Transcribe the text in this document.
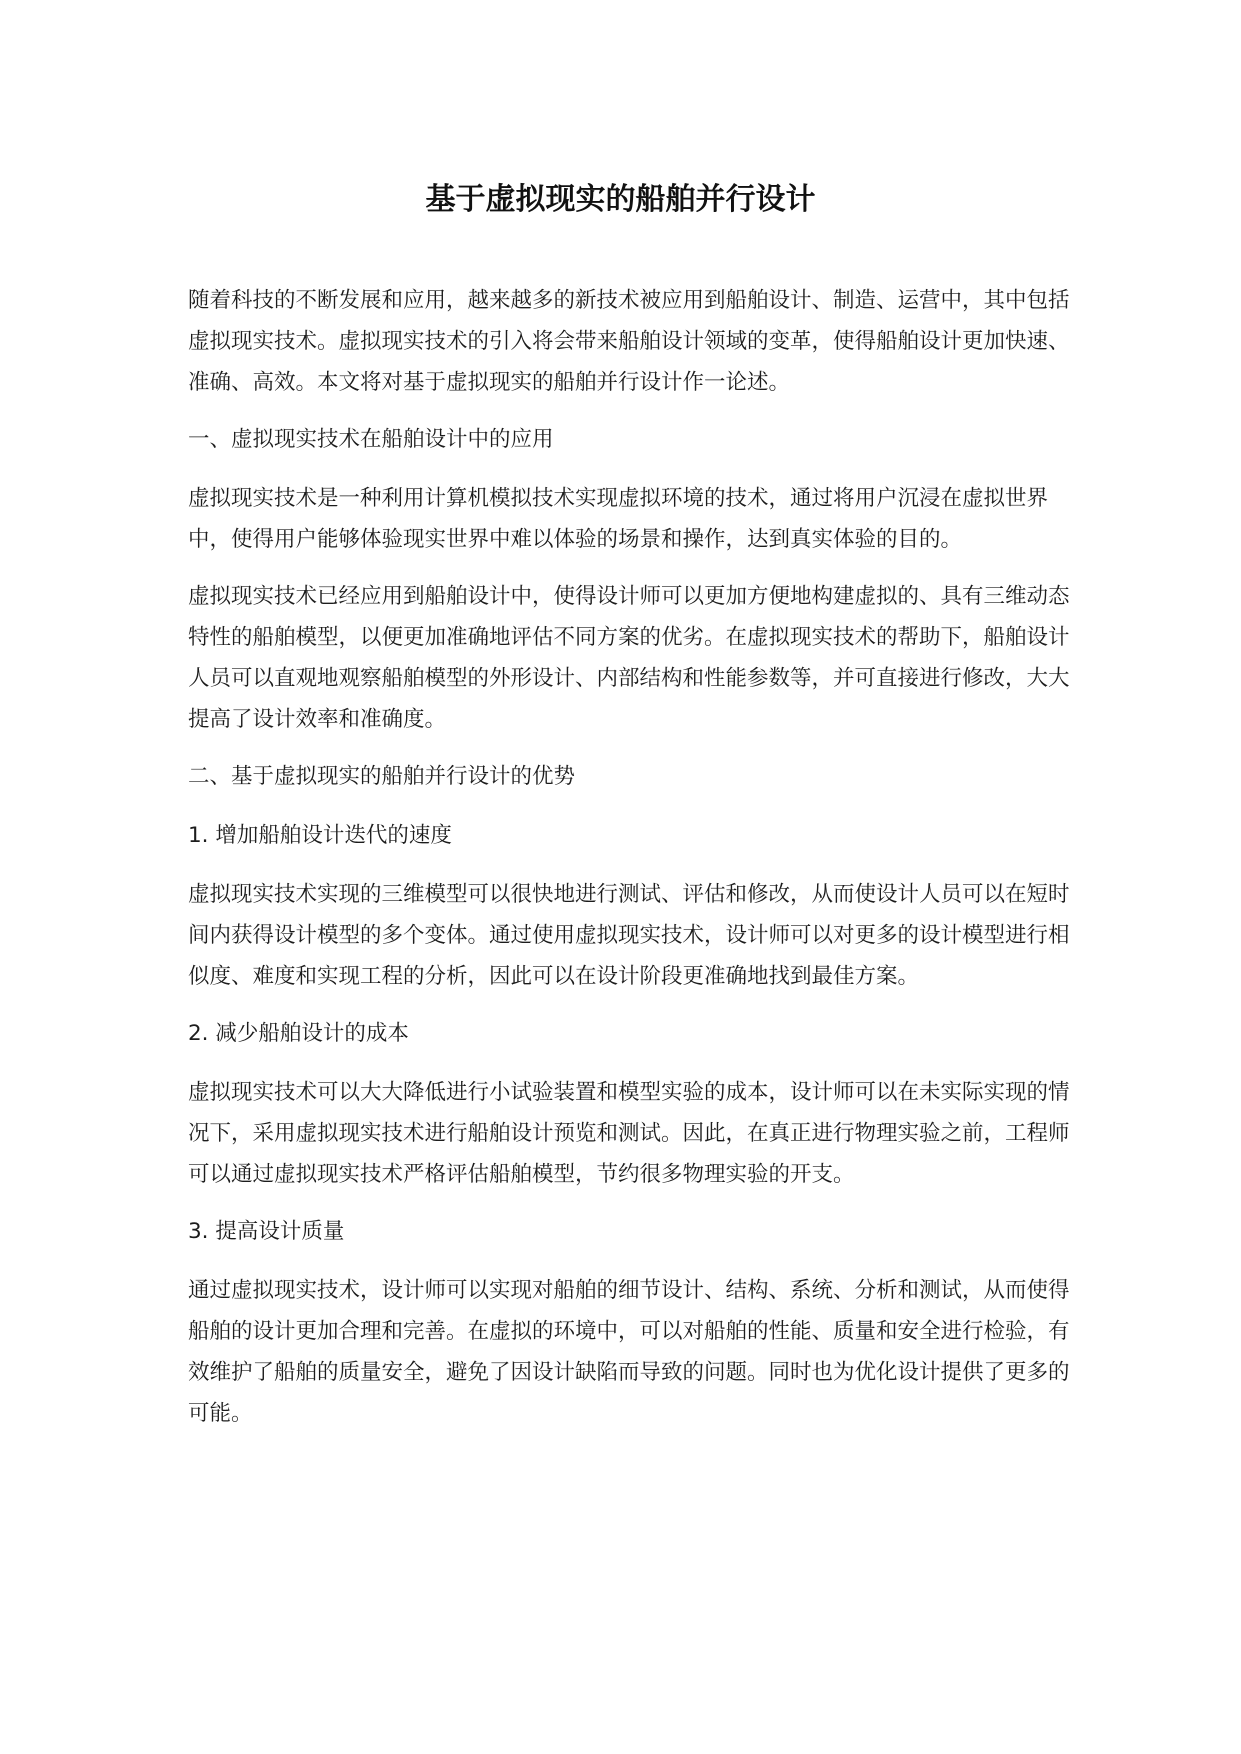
基于虚拟现实的船舶并行设计

随着科技的不断发展和应用，越来越多的新技术被应用到船舶设计、制造、运营中，其中包括虚拟现实技术。虚拟现实技术的引入将会带来船舶设计领域的变革，使得船舶设计更加快速、准确、高效。本文将对基于虚拟现实的船舶并行设计作一论述。

一、虚拟现实技术在船舶设计中的应用

虚拟现实技术是一种利用计算机模拟技术实现虚拟环境的技术，通过将用户沉浸在虚拟世界中，使得用户能够体验现实世界中难以体验的场景和操作，达到真实体验的目的。

虚拟现实技术已经应用到船舶设计中，使得设计师可以更加方便地构建虚拟的、具有三维动态特性的船舶模型，以便更加准确地评估不同方案的优劣。在虚拟现实技术的帮助下，船舶设计人员可以直观地观察船舶模型的外形设计、内部结构和性能参数等，并可直接进行修改，大大提高了设计效率和准确度。

二、基于虚拟现实的船舶并行设计的优势

1. 增加船舶设计迭代的速度

虚拟现实技术实现的三维模型可以很快地进行测试、评估和修改，从而使设计人员可以在短时间内获得设计模型的多个变体。通过使用虚拟现实技术，设计师可以对更多的设计模型进行相似度、难度和实现工程的分析，因此可以在设计阶段更准确地找到最佳方案。

2. 减少船舶设计的成本

虚拟现实技术可以大大降低进行小试验装置和模型实验的成本，设计师可以在未实际实现的情况下，采用虚拟现实技术进行船舶设计预览和测试。因此，在真正进行物理实验之前，工程师可以通过虚拟现实技术严格评估船舶模型，节约很多物理实验的开支。

3. 提高设计质量

通过虚拟现实技术，设计师可以实现对船舶的细节设计、结构、系统、分析和测试，从而使得船舶的设计更加合理和完善。在虚拟的环境中，可以对船舶的性能、质量和安全进行检验，有效维护了船舶的质量安全，避免了因设计缺陷而导致的问题。同时也为优化设计提供了更多的可能。
